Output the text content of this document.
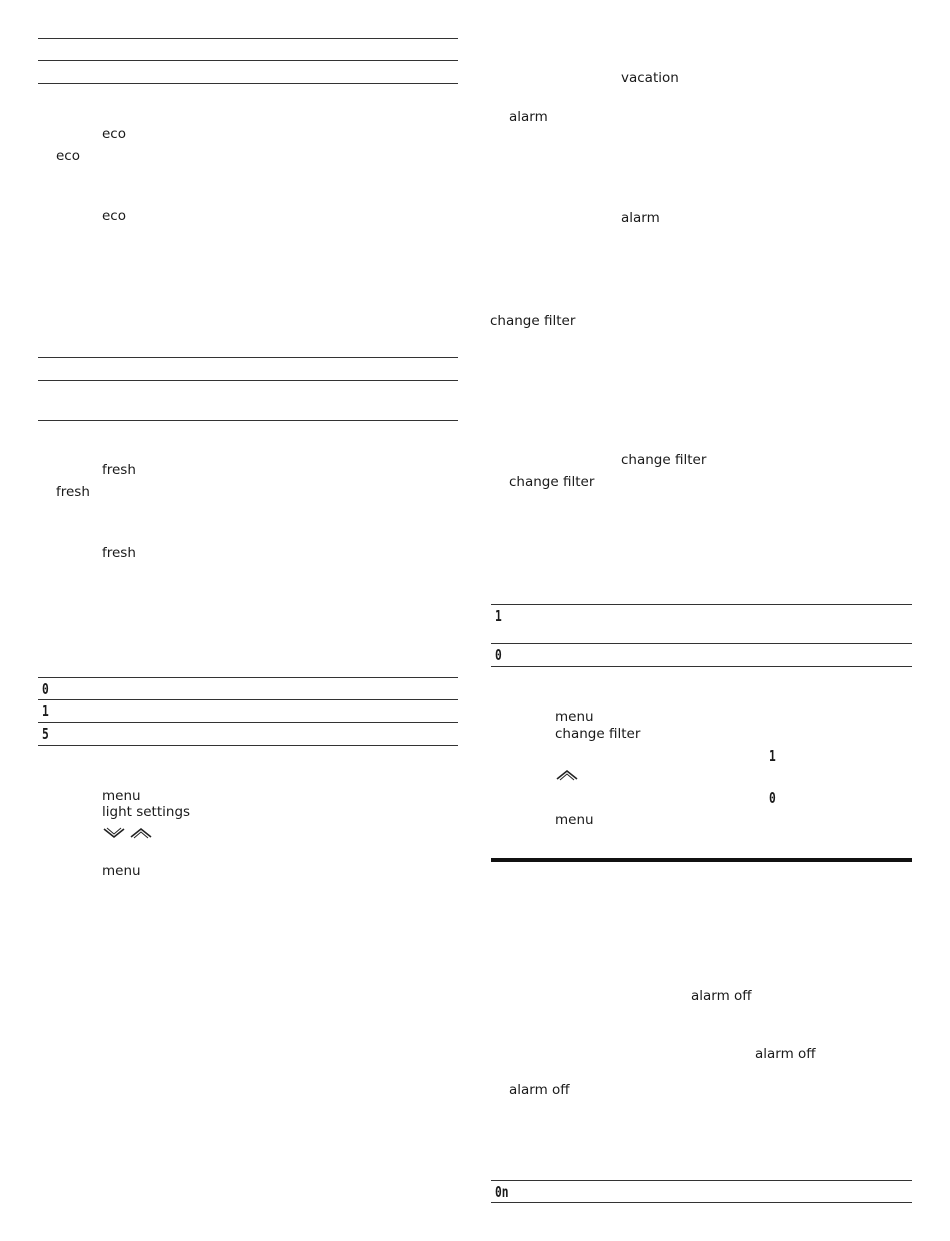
eco
eco
eco
fresh
fresh
fresh
0
1
5
menu
light settings
menu
vacation
alarm
alarm
change filter
change filter
change filter
1
0
menu
change filter
1
0
menu
alarm off
alarm off
alarm off
0n
